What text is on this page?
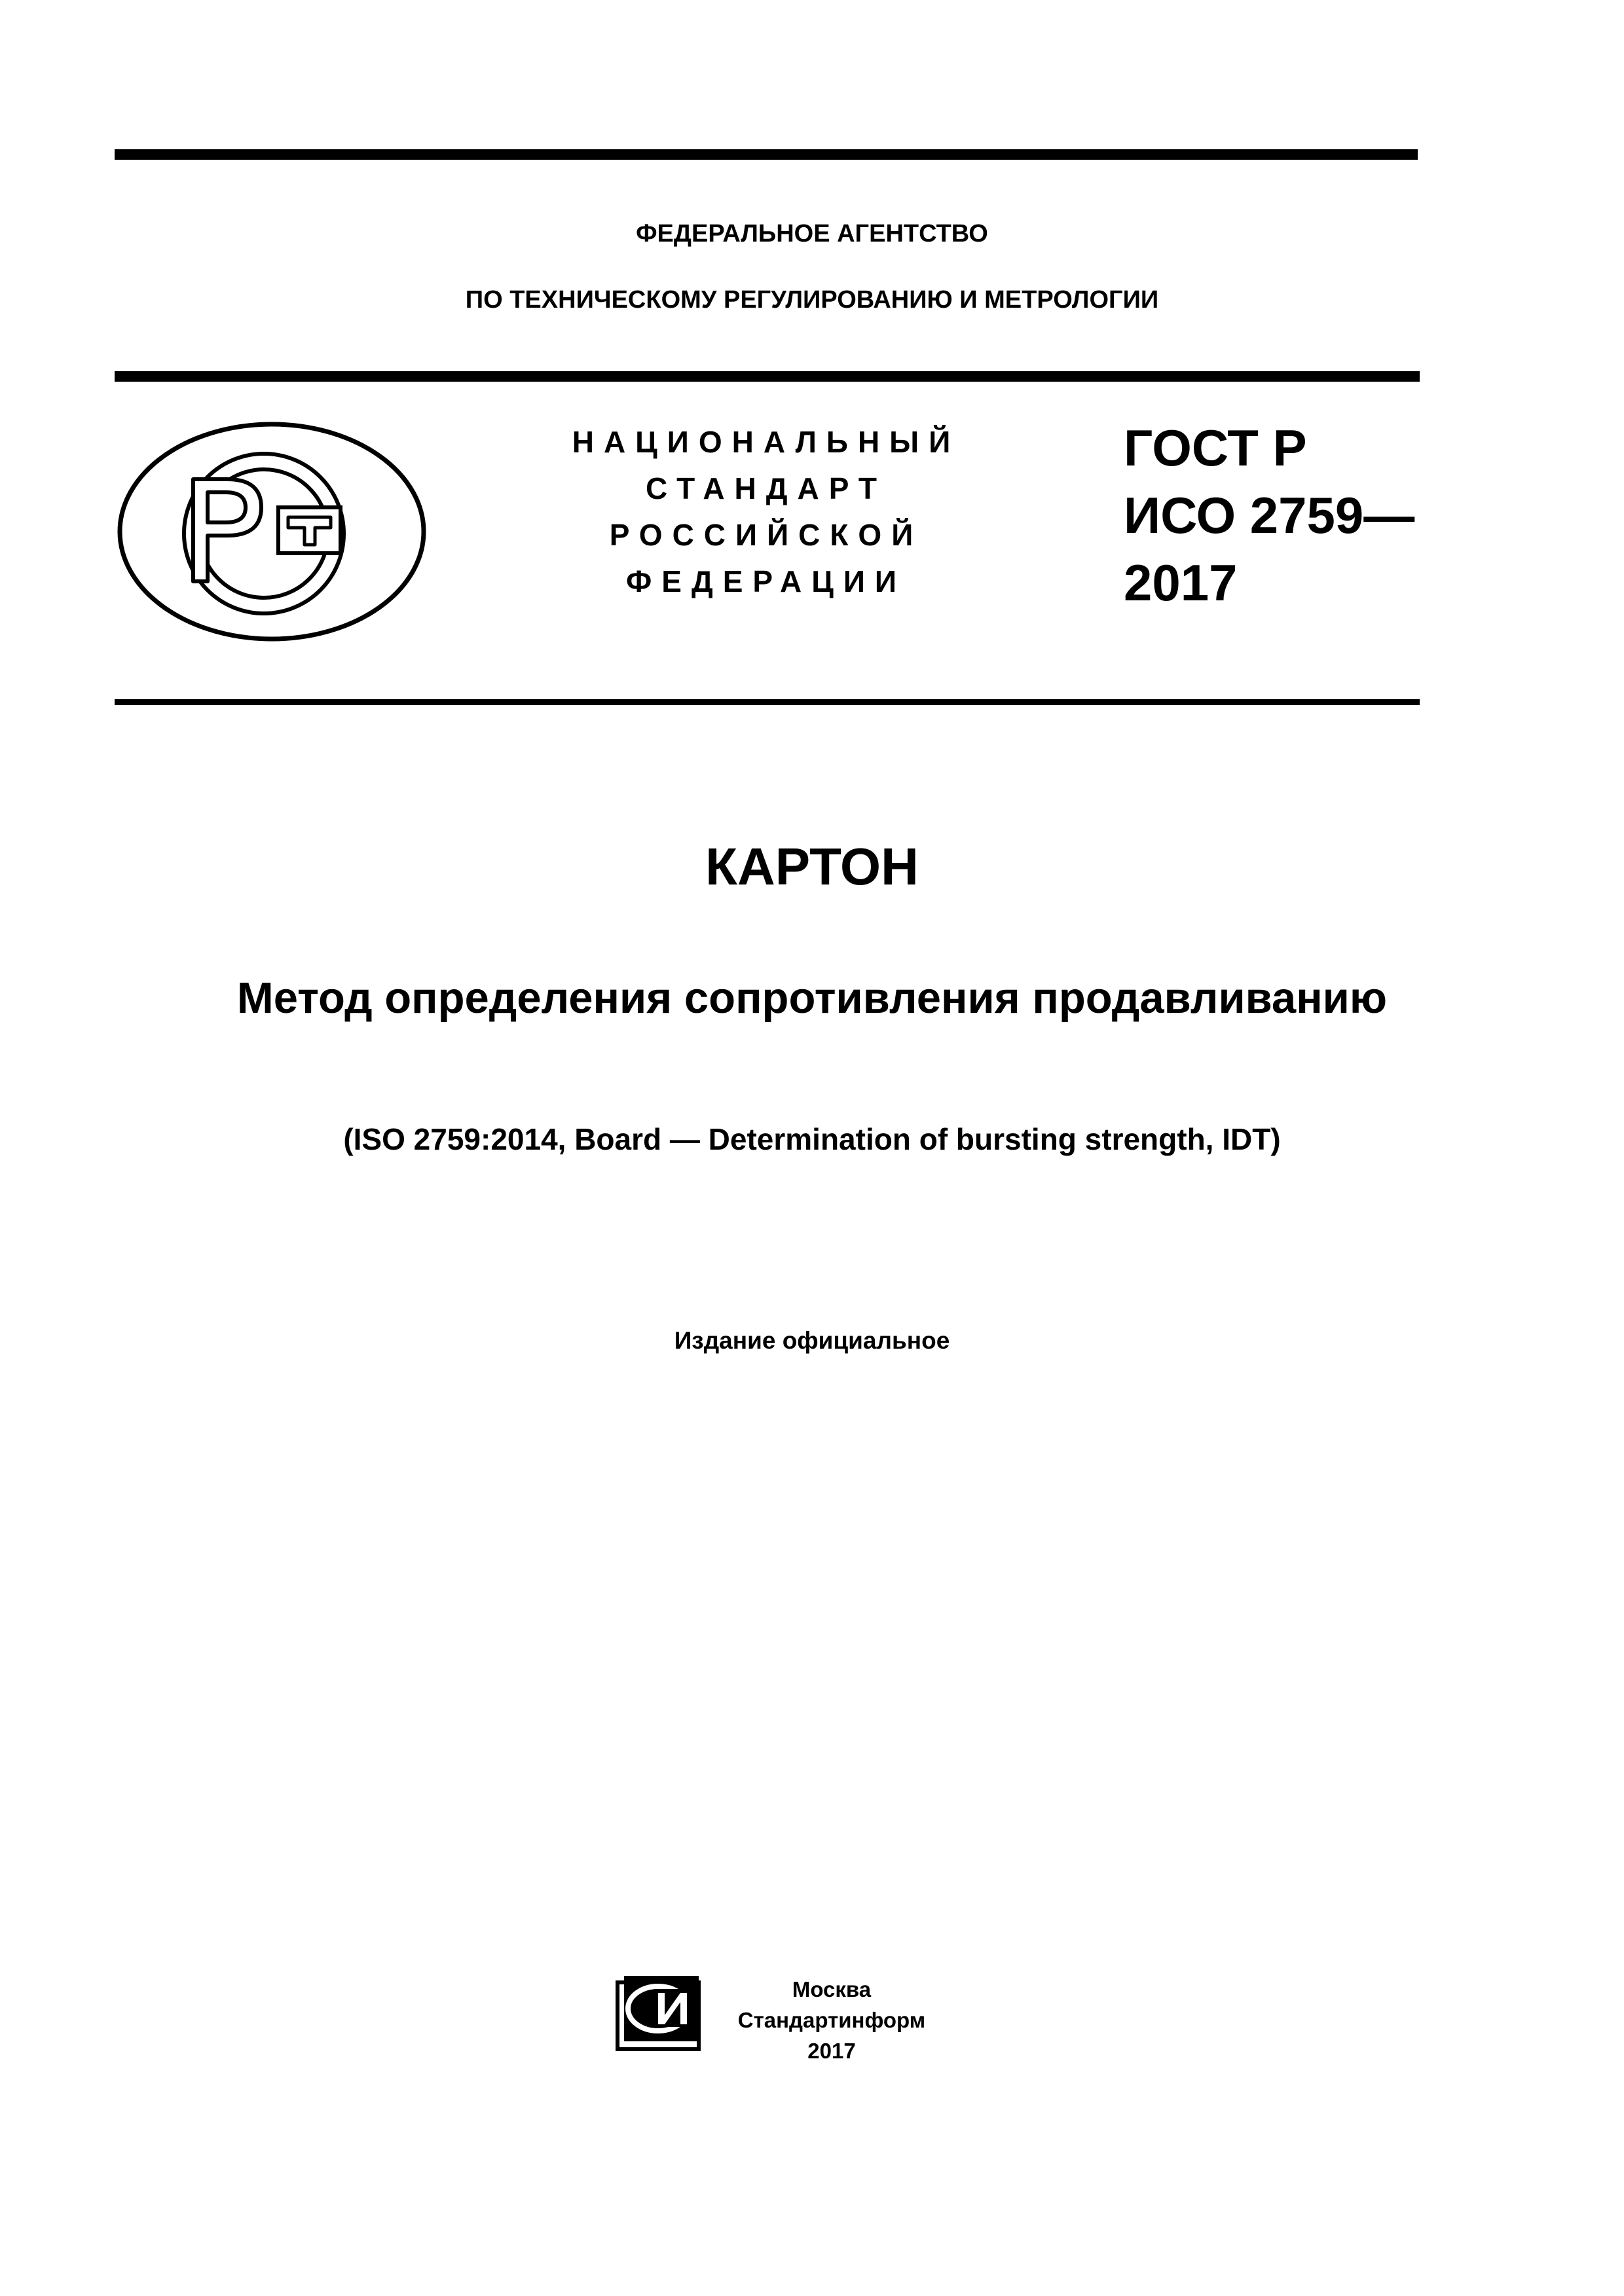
ФЕДЕРАЛЬНОЕ АГЕНТСТВО
ПО ТЕХНИЧЕСКОМУ РЕГУЛИРОВАНИЮ И МЕТРОЛОГИИ
НАЦИОНАЛЬНЫЙ
СТАНДАРТ
РОССИЙСКОЙ
ФЕДЕРАЦИИ
ГОСТ Р
ИСО 2759—
2017
КАРТОН
Метод определения сопротивления продавливанию
(ISO 2759:2014, Board — Determination of bursting strength, IDT)
Издание официальное
Москва
Стандартинформ
2017
